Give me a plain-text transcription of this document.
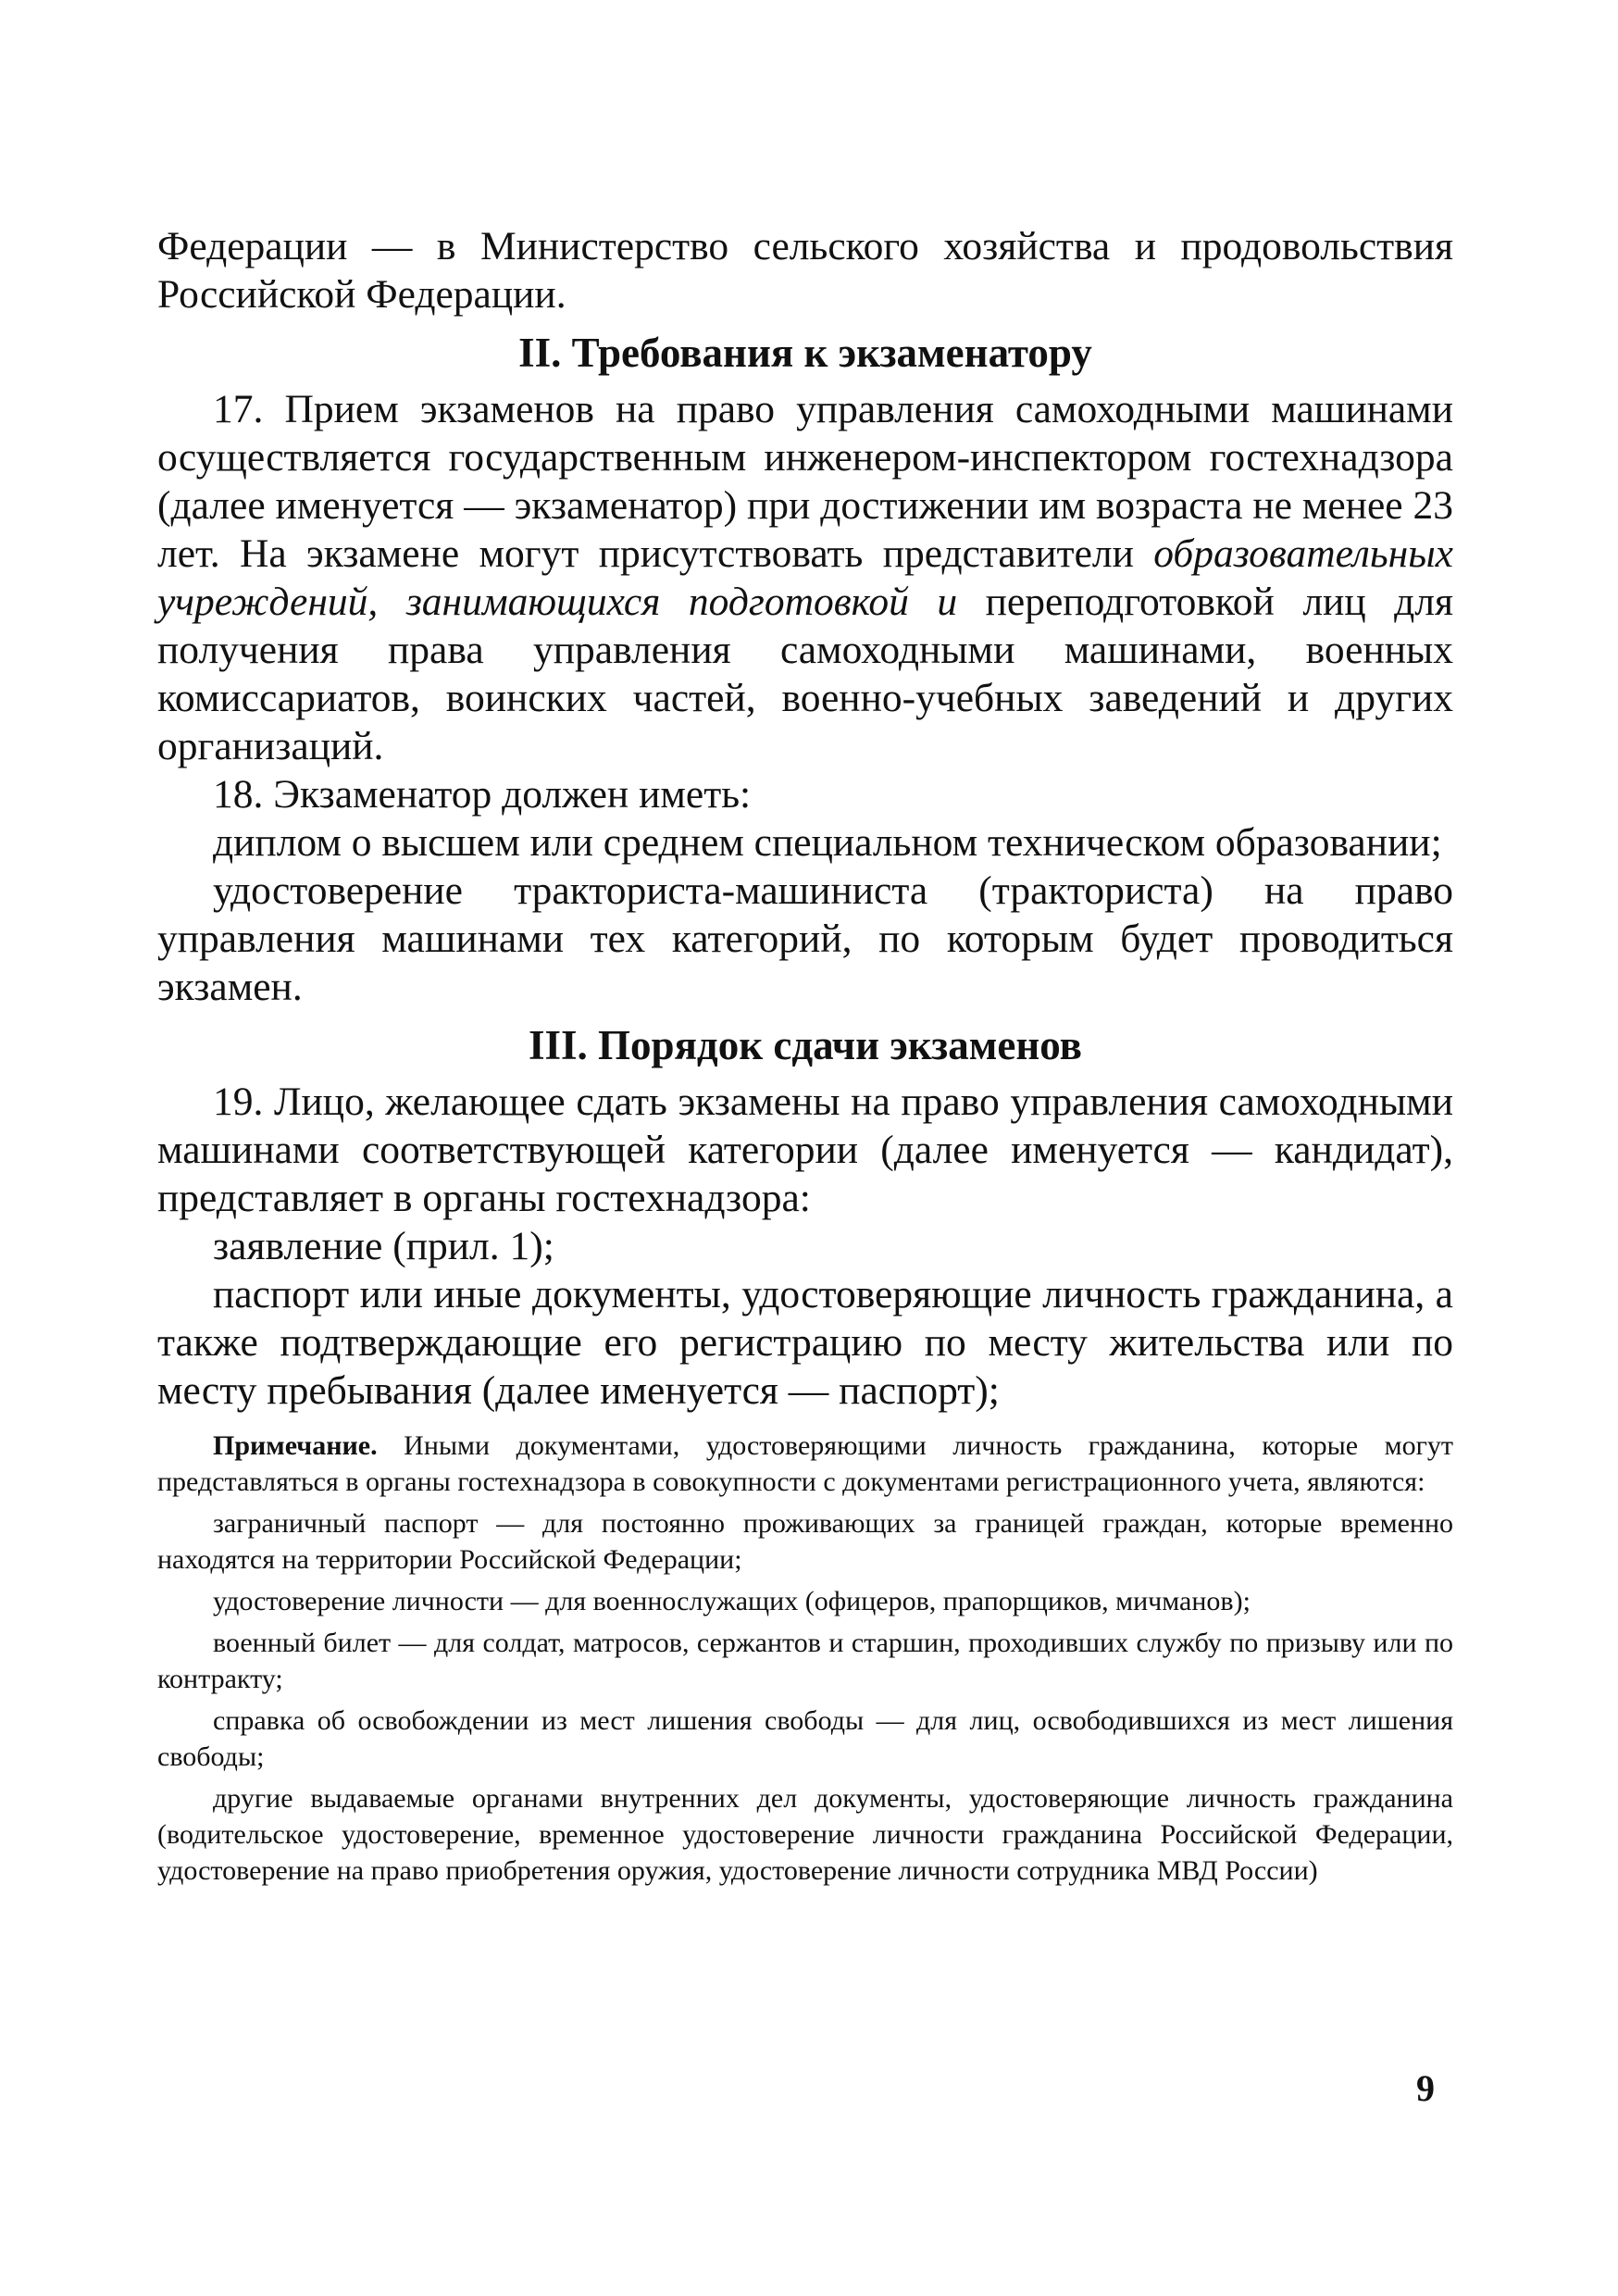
Федерации — в Министерство сельского хозяйства и продовольствия Российской Федерации.

II. Требования к экзаменатору

17. Прием экзаменов на право управления самоходными машинами осуществляется государственным инженером-инспектором гостехнадзора (далее именуется — экзаменатор) при достижении им возраста не менее 23 лет. На экзамене могут присутствовать представители образовательных учреждений, занимающихся подготовкой и переподготовкой лиц для получения права управления самоходными машинами, военных комиссариатов, воинских частей, военно-учебных заведений и других организаций.

18. Экзаменатор должен иметь:

диплом о высшем или среднем специальном техническом образовании;

удостоверение тракториста-машиниста (тракториста) на право управления машинами тех категорий, по которым будет проводиться экзамен.

III. Порядок сдачи экзаменов

19. Лицо, желающее сдать экзамены на право управления самоходными машинами соответствующей категории (далее именуется — кандидат), представляет в органы гостехнадзора:

заявление (прил. 1);

паспорт или иные документы, удостоверяющие личность гражданина, а также подтверждающие его регистрацию по месту жительства или по месту пребывания (далее именуется — паспорт);

Примечание. Иными документами, удостоверяющими личность гражданина, которые могут представляться в органы гостехнадзора в совокупности с документами регистрационного учета, являются:

заграничный паспорт — для постоянно проживающих за границей граждан, которые временно находятся на территории Российской Федерации;

удостоверение личности — для военнослужащих (офицеров, прапорщиков, мичманов);

военный билет — для солдат, матросов, сержантов и старшин, проходивших службу по призыву или по контракту;

справка об освобождении из мест лишения свободы — для лиц, освободившихся из мест лишения свободы;

другие выдаваемые органами внутренних дел документы, удостоверяющие личность гражданина (водительское удостоверение, временное удостоверение личности гражданина Российской Федерации, удостоверение на право приобретения оружия, удостоверение личности сотрудника МВД России)

9
